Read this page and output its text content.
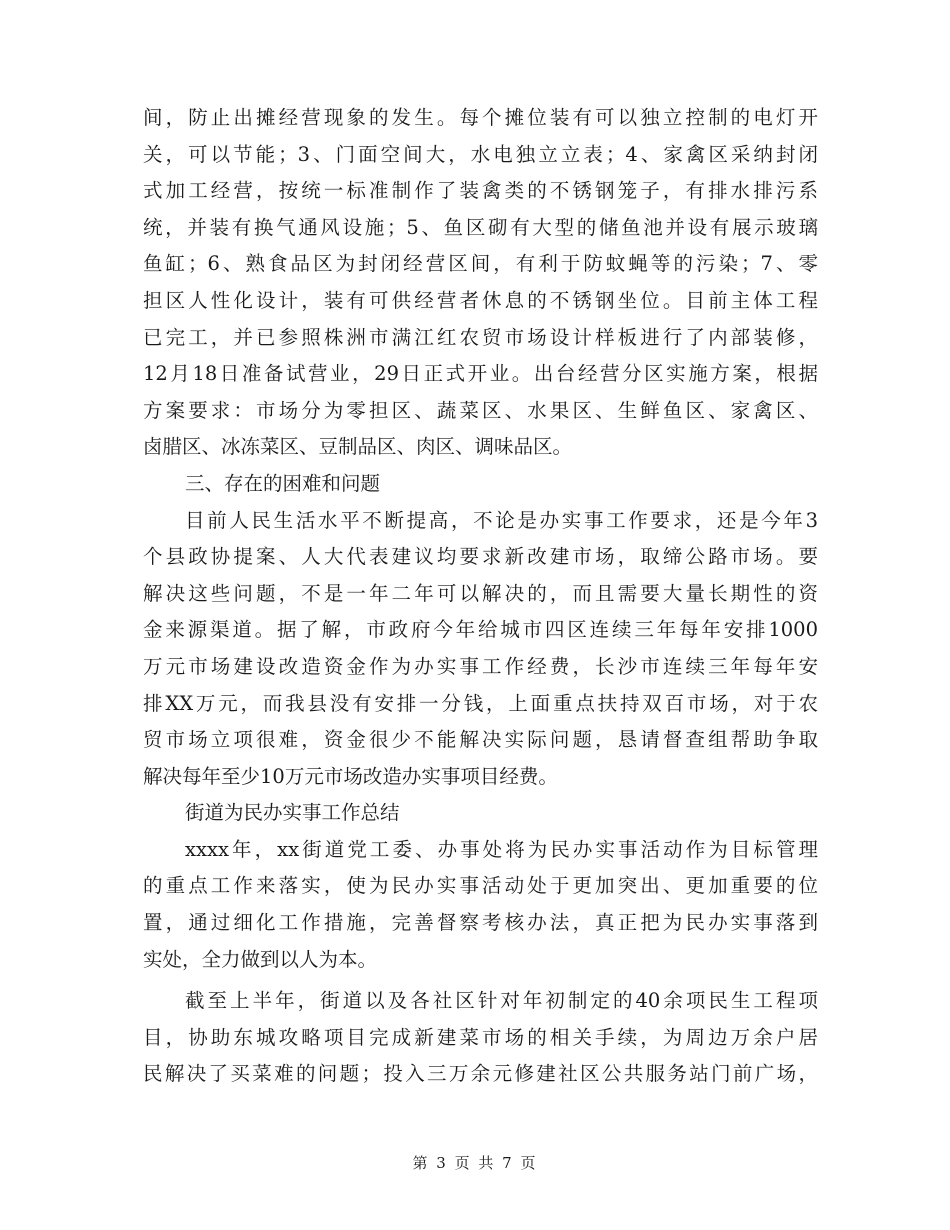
间，防止出摊经营现象的发生。每个摊位装有可以独立控制的电灯开
关，可以节能；3、门面空间大，水电独立立表；4、家禽区采纳封闭
式加工经营，按统一标准制作了装禽类的不锈钢笼子，有排水排污系
统，并装有换气通风设施；5、鱼区砌有大型的储鱼池并设有展示玻璃
鱼缸；6、熟食品区为封闭经营区间，有利于防蚊蝇等的污染；7、零
担区人性化设计，装有可供经营者休息的不锈钢坐位。目前主体工程
已完工，并已参照株洲市满江红农贸市场设计样板进行了内部装修，
12月18日准备试营业，29日正式开业。出台经营分区实施方案，根据
方案要求：市场分为零担区、蔬菜区、水果区、生鲜鱼区、家禽区、
卤腊区、冰冻菜区、豆制品区、肉区、调味品区。
三、存在的困难和问题
目前人民生活水平不断提高，不论是办实事工作要求，还是今年3
个县政协提案、人大代表建议均要求新改建市场，取缔公路市场。要
解决这些问题，不是一年二年可以解决的，而且需要大量长期性的资
金来源渠道。据了解，市政府今年给城市四区连续三年每年安排1000
万元市场建设改造资金作为办实事工作经费，长沙市连续三年每年安
排XX万元，而我县没有安排一分钱，上面重点扶持双百市场，对于农
贸市场立项很难，资金很少不能解决实际问题，恳请督查组帮助争取
解决每年至少10万元市场改造办实事项目经费。
街道为民办实事工作总结
xxxx年，xx街道党工委、办事处将为民办实事活动作为目标管理
的重点工作来落实，使为民办实事活动处于更加突出、更加重要的位
置，通过细化工作措施，完善督察考核办法，真正把为民办实事落到
实处，全力做到以人为本。
截至上半年，街道以及各社区针对年初制定的40余项民生工程项
目，协助东城攻略项目完成新建菜市场的相关手续，为周边万余户居
民解决了买菜难的问题；投入三万余元修建社区公共服务站门前广场，
第 3 页 共 7 页
